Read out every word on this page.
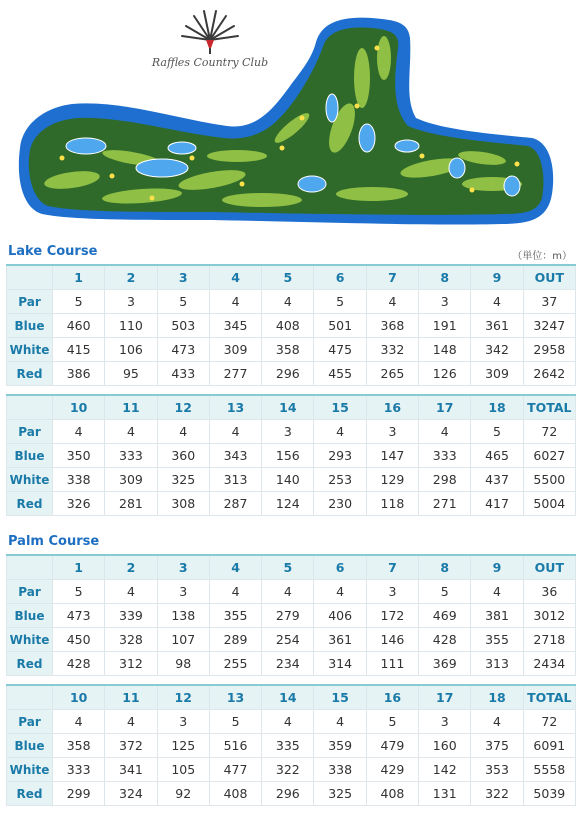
Raffles Country Club
Lake Course	（単位：m）
	1	2	3	4	5	6	7	8	9	OUT
Par	5	3	5	4	4	5	4	3	4	37
Blue	460	110	503	345	408	501	368	191	361	3247
White	415	106	473	309	358	475	332	148	342	2958
Red	386	95	433	277	296	455	265	126	309	2642
	10	11	12	13	14	15	16	17	18	TOTAL
Par	4	4	4	4	3	4	3	4	5	72
Blue	350	333	360	343	156	293	147	333	465	6027
White	338	309	325	313	140	253	129	298	437	5500
Red	326	281	308	287	124	230	118	271	417	5004
Palm Course
	1	2	3	4	5	6	7	8	9	OUT
Par	5	4	3	4	4	4	3	5	4	36
Blue	473	339	138	355	279	406	172	469	381	3012
White	450	328	107	289	254	361	146	428	355	2718
Red	428	312	98	255	234	314	111	369	313	2434
	10	11	12	13	14	15	16	17	18	TOTAL
Par	4	4	3	5	4	4	5	3	4	72
Blue	358	372	125	516	335	359	479	160	375	6091
White	333	341	105	477	322	338	429	142	353	5558
Red	299	324	92	408	296	325	408	131	322	5039
